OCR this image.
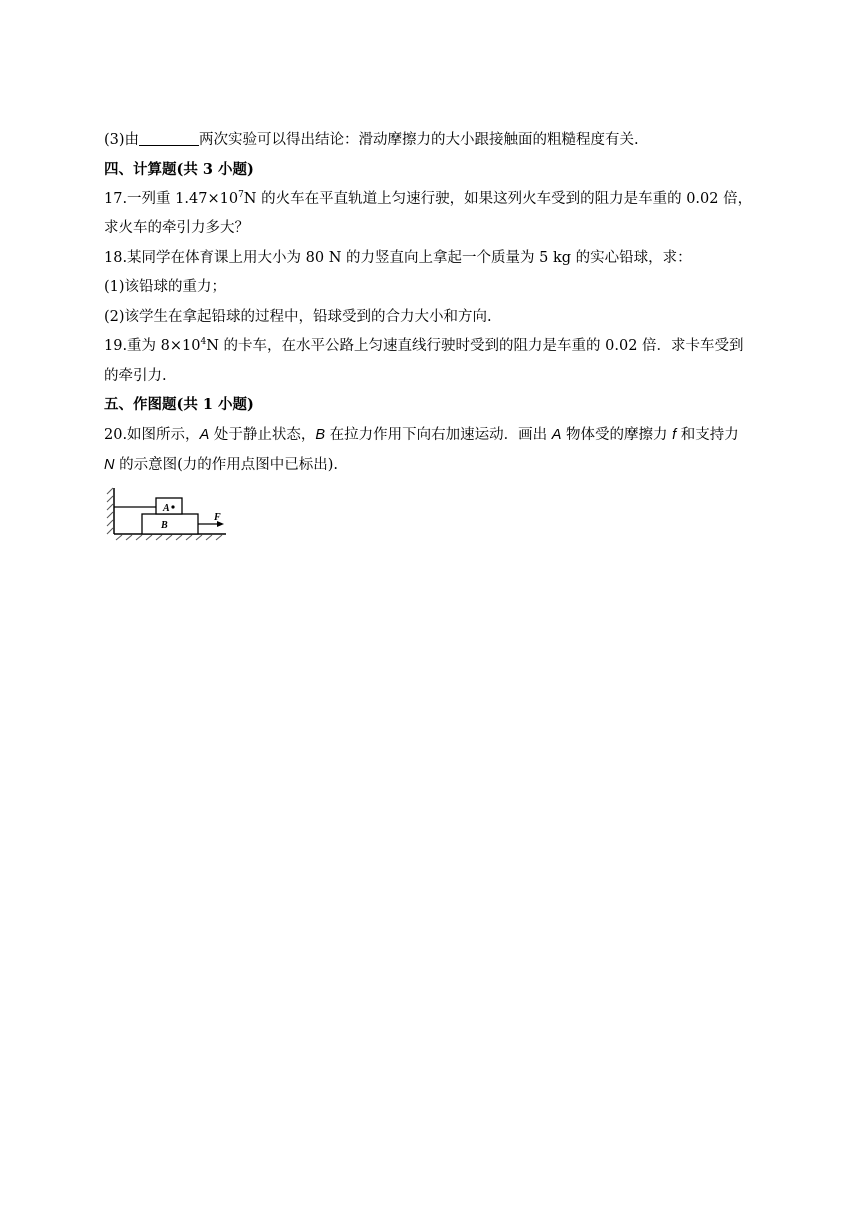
(3)由	两次实验可以得出结论：滑动摩擦力的大小跟接触面的粗糙程度有关.
四、计算题(共 3 小题)
17.一列重 $1.47\times 10^7N$ 的火车在平直轨道上匀速行驶，如果这列火车受到的阻力是车重的 0.02 倍，
求火车的牵引力多大？
18.某同学在体育课上用大小为 80 N 的力竖直向上拿起一个质量为 5 kg 的实心铅球，求：
(1)该铅球的重力；
(2)该学生在拿起铅球的过程中，铅球受到的合力大小和方向.
19.重为 $8\times 10^4N$ 的卡车，在水平公路上匀速直线行驶时受到的阻力是车重的 0.02 倍．求卡车受到
的牵引力.
五、作图题(共 1 小题)
20.如图所示，A 处于静止状态，B 在拉力作用下向右加速运动．画出 A 物体受的摩擦力 f 和支持力
N 的示意图(力的作用点图中已标出).
A
B
F
